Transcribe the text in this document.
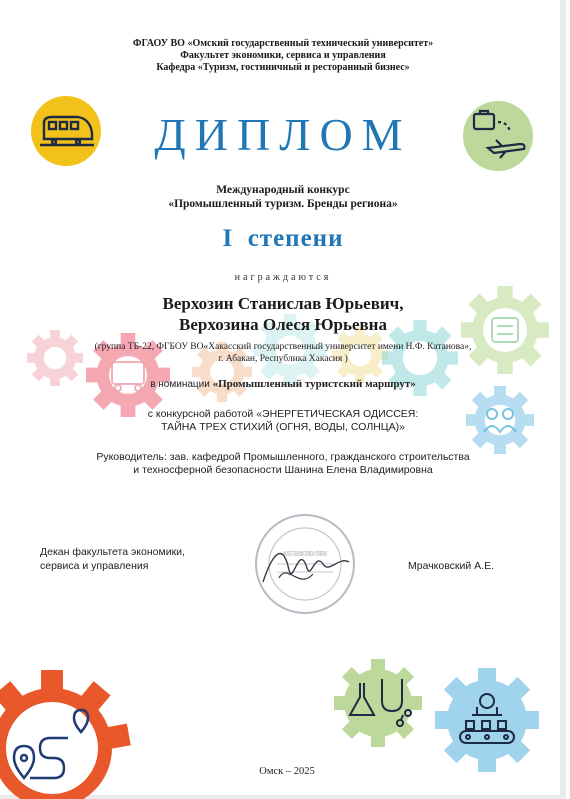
ФГАОУ ВО «Омский государственный технический университет»
Факультет экономики, сервиса и управления
Кафедра «Туризм, гостиничный и ресторанный бизнес»
ДИПЛОМ
Международный конкурс
«Промышленный туризм. Бренды региона»
I  степени
награждаются
Верхозин Станислав Юрьевич,
Верхозина Олеся Юрьевна
(группа ТБ-22, ФГБОУ ВО«Хакасский государственный университет имени Н.Ф. Катанова»,
г. Абакан, Республика Хакасия )
в номинации «Промышленный туристский маршрут»
с конкурсной работой «ЭНЕРГЕТИЧЕСКАЯ ОДИССЕЯ:
ТАЙНА ТРЕХ СТИХИЙ (ОГНЯ, ВОДЫ, СОЛНЦА)»
Руководитель: зав. кафедрой Промышленного, гражданского строительства
и техносферной безопасности Шанина Елена Владимировна
ФАКУЛЬТЕТ ЭКОНОМИКИ СЕРВИСА И УПРАВЛЕНИЯ
Декан факультета экономики,
сервиса и управления	Мрачковский А.Е.
Омск – 2025
